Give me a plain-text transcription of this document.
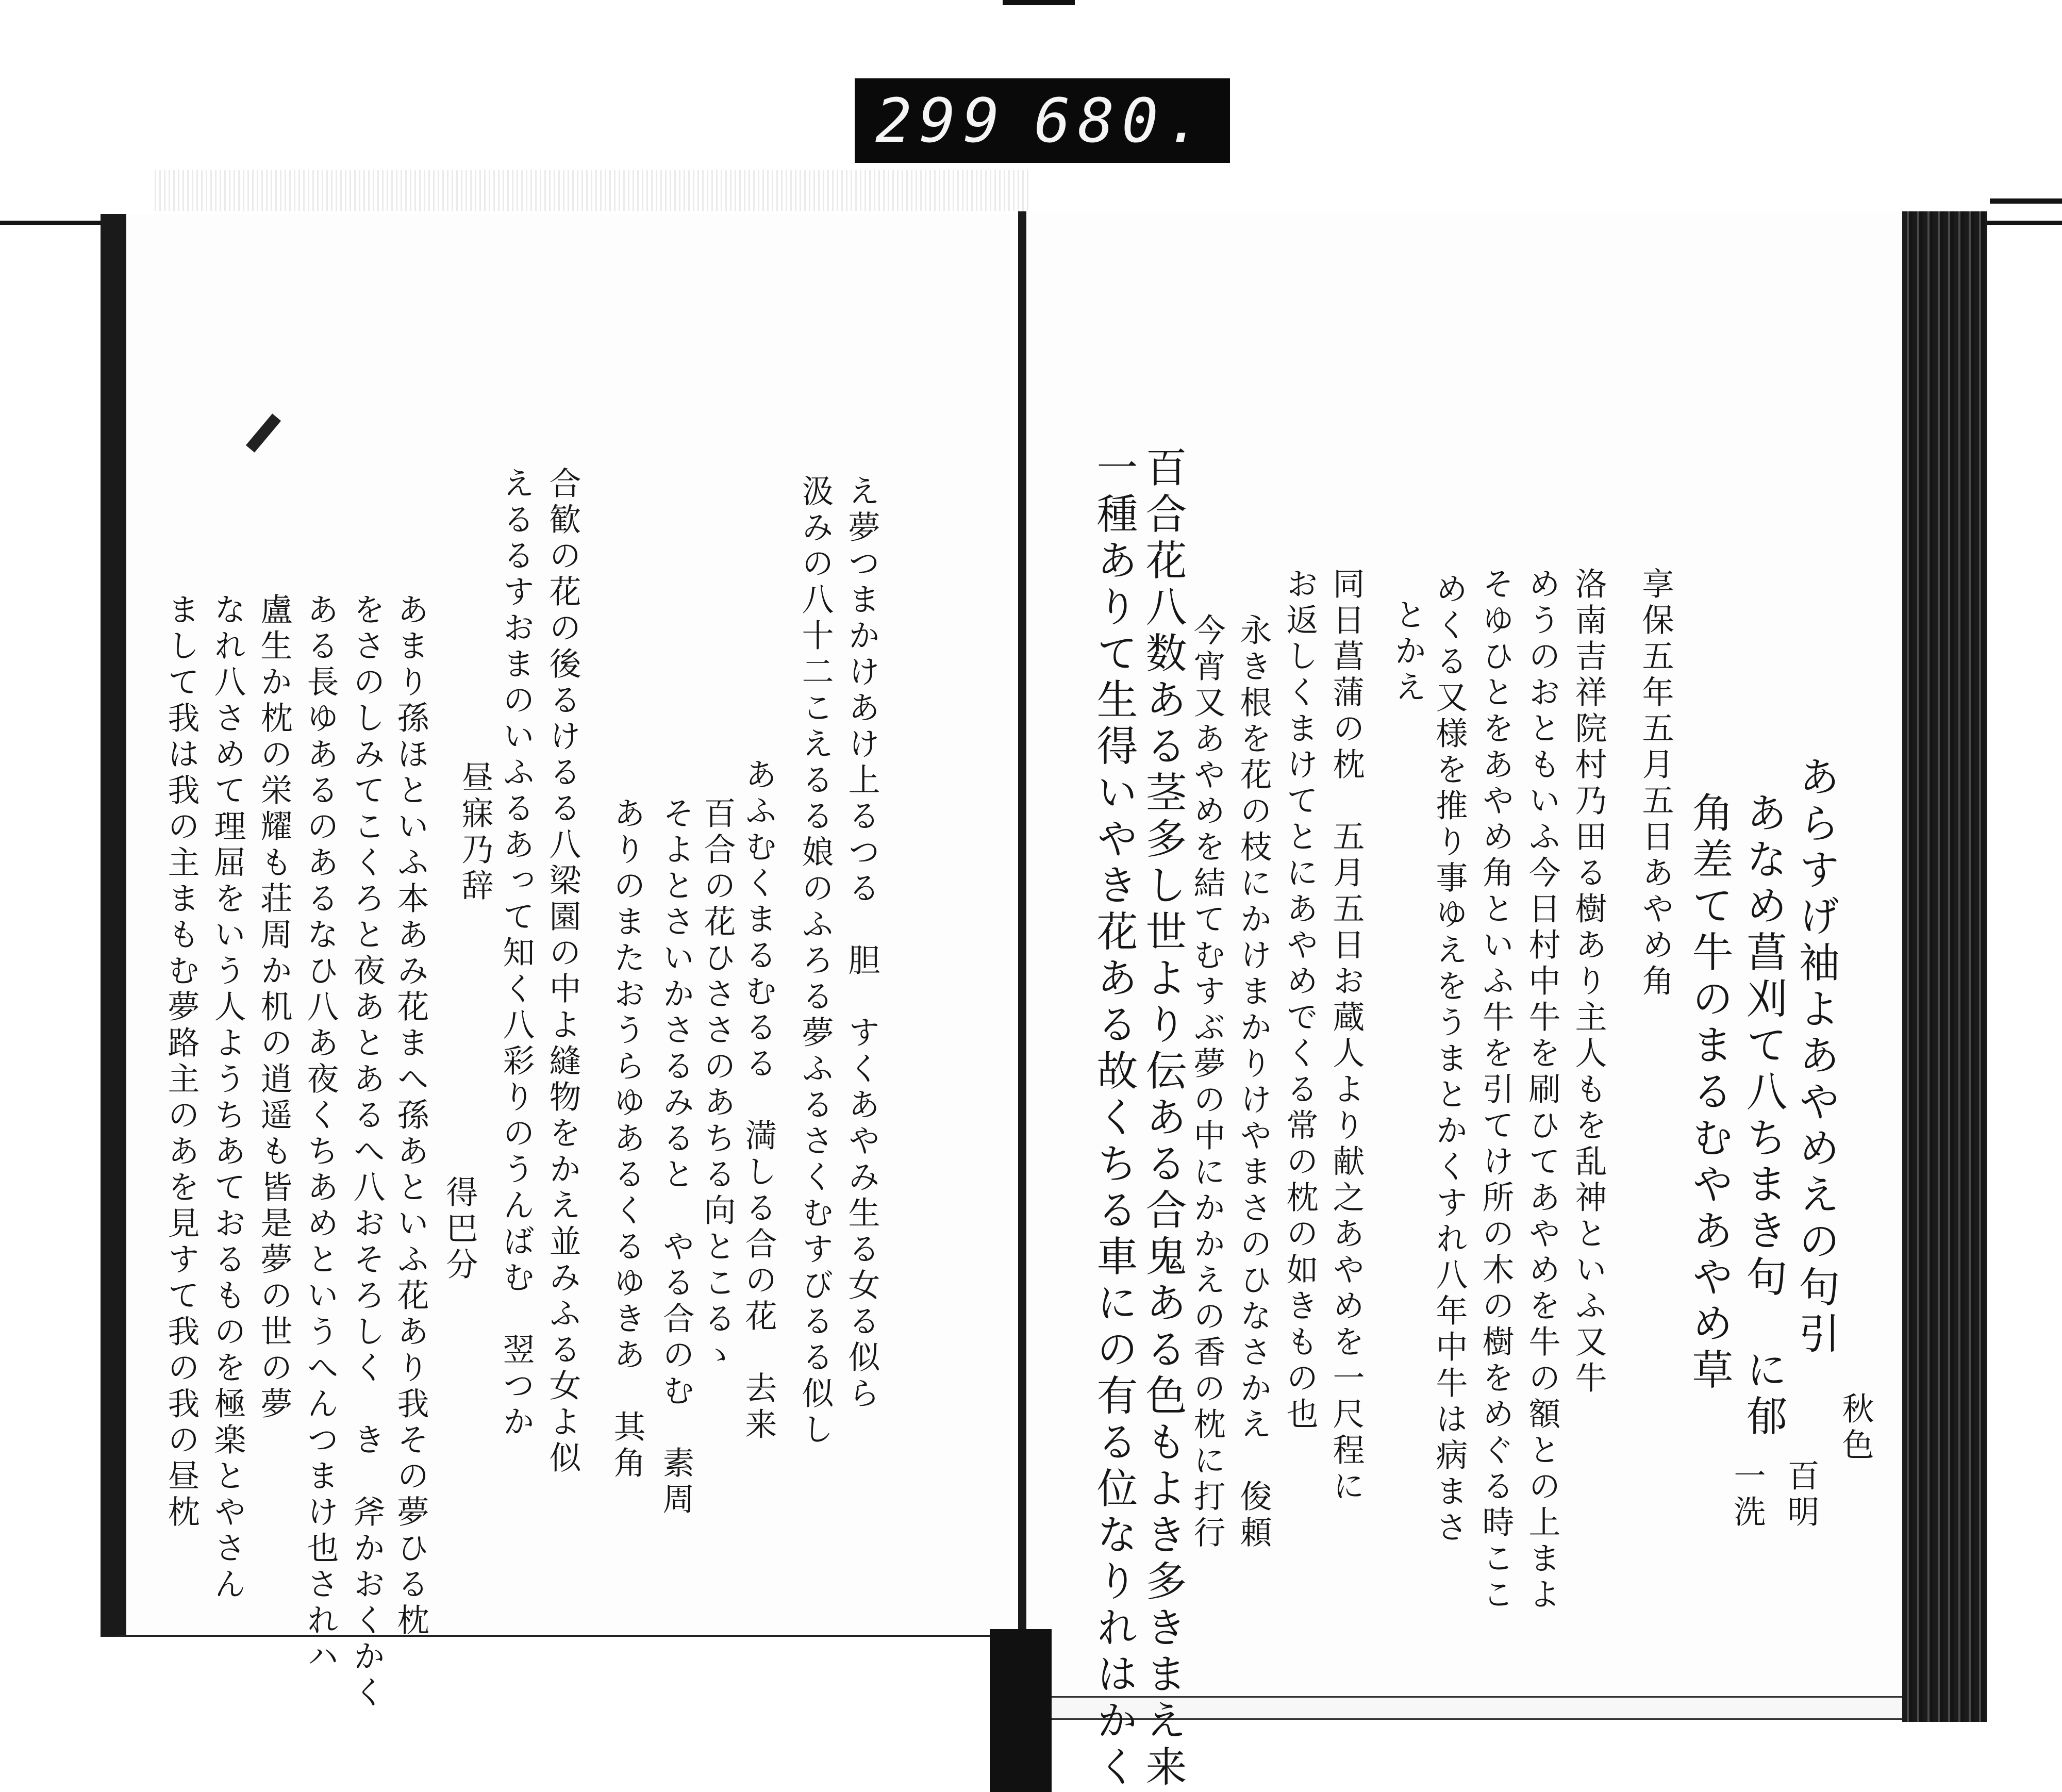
299 680.
あらすげ袖よあやめえの句引
あなめ菖刈て八ちまき句　に郁
角差て牛のまるむやあやめ草
秋色
百明
一洗
洛南吉祥院村乃田る樹あり主人もを乱神といふ又牛
めうのおともいふ今日村中牛を刷ひてあやめを牛の額との上まよ
そゆひとをあやめ角といふ牛を引てけ所の木の樹をめぐる時ここ
めくる又様を推り事ゆえをうまとかくすれ八年中牛は病まさ
とかえ	享保五年五月五日あやめ角
同日菖蒲の枕　五月五日お蔵人より献之あやめを一尺程に
お返しくまけてとにあやめでくる常の枕の如きもの也
永き根を花の枝にかけまかりけやまさのひなさかえ　俊頼
今宵又あやめを結てむすぶ夢の中にかかえの香の枕に打行
百合花八数ある茎多し世より伝ある合鬼ある色もよき多きまえ来
一種ありて生得いやき花ある故くちる車にの有る位なりれはかく
え夢つまかけあけ上るつる　胆　すくあやみ生る女る似ら
汲みの八十二こえるる娘のふろる夢ふるさくむすびるる似し
あふむくまるむるる　満しる合の花　去来
百合の花ひささのあちる向とこるゝ
そよとさいかさるみると　やる合のむ　素周
ありのまたおうらゆあるくるゆきあ　其角
合歓の花の後るけるる八梁園の中よ縫物をかえ並みふる女よ似
えるるすおまのいふるあって知く八彩りのうんばむ　翌つか
昼寐乃辞
得巴分
あまり孫ほといふ本あみ花まへ孫あといふ花あり我その夢ひる枕
をさのしみてこくろと夜あとあるへ八おそろしく　き　斧かおくかく
ある長ゆあるのあるなひ八あ夜くちあめというへんつまけ也されハ
盧生か枕の栄耀も荘周か机の逍遥も皆是夢の世の夢
なれ八さめて理屈をいう人ようちあておるものを極楽とやさん
まして我は我の主まもむ夢路主のあを見すて我の我の昼枕
